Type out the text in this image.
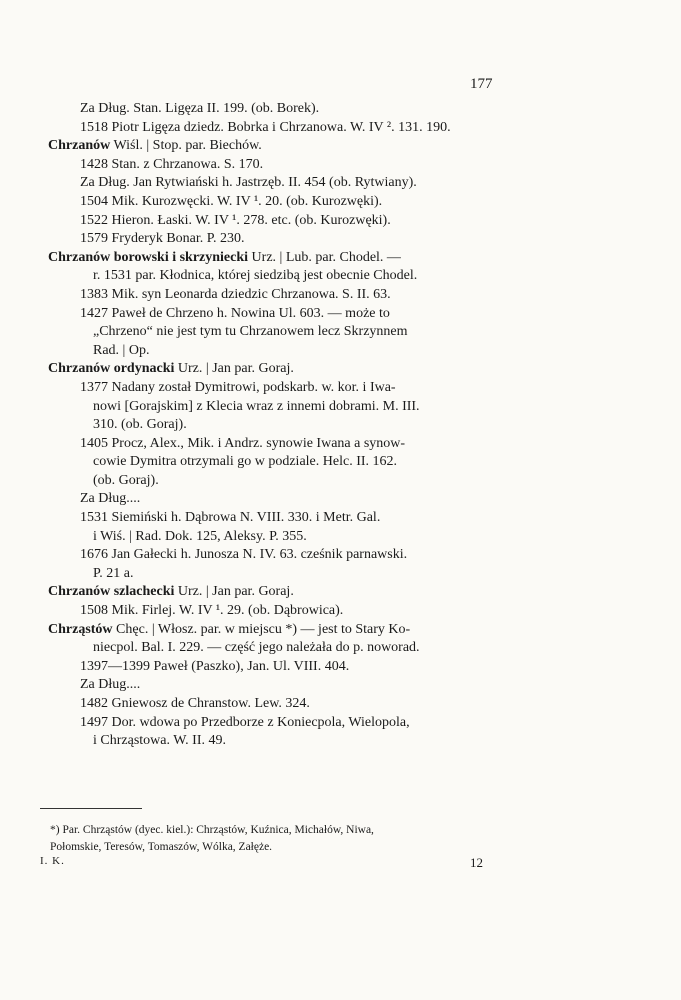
177
Za Dług. Stan. Ligęza II. 199. (ob. Borek).
1518 Piotr Ligęza dziedz. Bobrka i Chrzanowa. W. IV ². 131. 190.
Chrzanów Wiśl. | Stop. par. Biechów.
1428 Stan. z Chrzanowa. S. 170.
Za Dług. Jan Rytwiański h. Jastrzęb. II. 454 (ob. Rytwiany).
1504 Mik. Kurozwęcki. W. IV ¹. 20. (ob. Kurozwęki).
1522 Hieron. Łaski. W. IV ¹. 278. etc. (ob. Kurozwęki).
1579 Fryderyk Bonar. P. 230.
Chrzanów borowski i skrzyniecki Urz. | Lub. par. Chodel. —
r. 1531 par. Kłodnica, której siedzibą jest obecnie Chodel.
1383 Mik. syn Leonarda dziedzic Chrzanowa. S. II. 63.
1427 Paweł de Chrzeno h. Nowina Ul. 603. — może to
„Chrzeno“ nie jest tym tu Chrzanowem lecz Skrzynnem
Rad. | Op.
Chrzanów ordynacki Urz. | Jan par. Goraj.
1377 Nadany został Dymitrowi, podskarb. w. kor. i Iwa-
nowi [Gorajskim] z Klecia wraz z innemi dobrami. M. III.
310. (ob. Goraj).
1405 Procz, Alex., Mik. i Andrz. synowie Iwana a synow-
cowie Dymitra otrzymali go w podziale. Helc. II. 162.
(ob. Goraj).
Za Dług....
1531 Siemiński h. Dąbrowa N. VIII. 330. i Metr. Gal.
i Wiś. | Rad. Dok. 125, Aleksy. P. 355.
1676 Jan Gałecki h. Junosza N. IV. 63. cześnik parnawski.
P. 21 a.
Chrzanów szlachecki Urz. | Jan par. Goraj.
1508 Mik. Firlej. W. IV ¹. 29. (ob. Dąbrowica).
Chrząstów Chęc. | Włosz. par. w miejscu *) — jest to Stary Ko-
niecpol. Bal. I. 229. — część jego należała do p. noworad.
1397—1399 Paweł (Paszko), Jan. Ul. VIII. 404.
Za Dług....
1482 Gniewosz de Chranstow. Lew. 324.
1497 Dor. wdowa po Przedborze z Koniecpola, Wielopola,
i Chrząstowa. W. II. 49.
*) Par. Chrząstów (dyec. kiel.): Chrząstów, Kuźnica, Michałów, Niwa,
Połomskie, Teresów, Tomaszów, Wólka, Załęże.
I. K.	12
